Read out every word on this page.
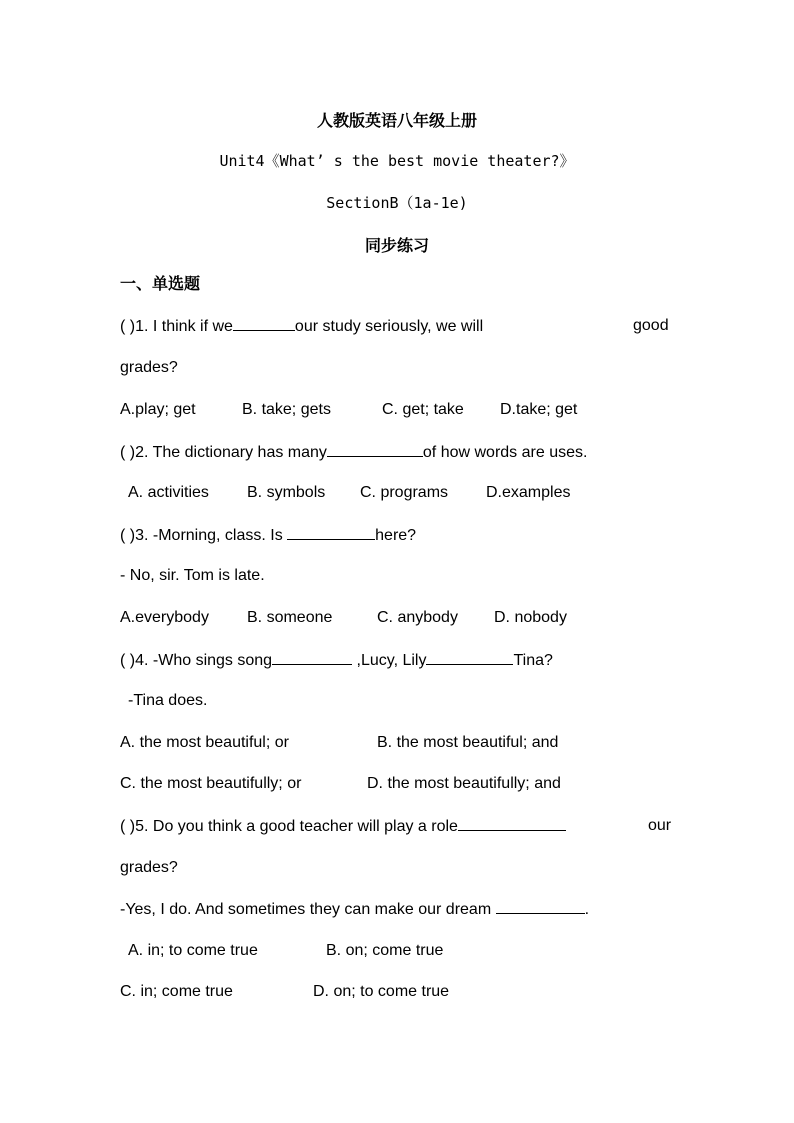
人教版英语八年级上册
Unit4《What’ s the best movie theater?》
SectionB（1a-1e)
同步练习
一、单选题
( )1. I think if we	our study seriously, we will	good
grades?
A.play; get	B. take; gets	C. get; take D.take; get
( )2. The dictionary has many	of how words are uses.
A. activities B. symbols C. programs D.examples
( )3. -Morning, class. Is	here?
- No, sir. Tom is late.
A.everybody B. someone	C. anybody D. nobody
( )4. -Who sings song	,Lucy, Lily	Tina?
-Tina does.
A. the most beautiful; or	B. the most beautiful; and
C. the most beautifully; or	D. the most beautifully; and
( )5. Do you think a good teacher will play a role	our
grades?
-Yes, I do. And sometimes they can make our dream	.
A. in; to come true	B. on; come true
C. in; come true	D. on; to come true
